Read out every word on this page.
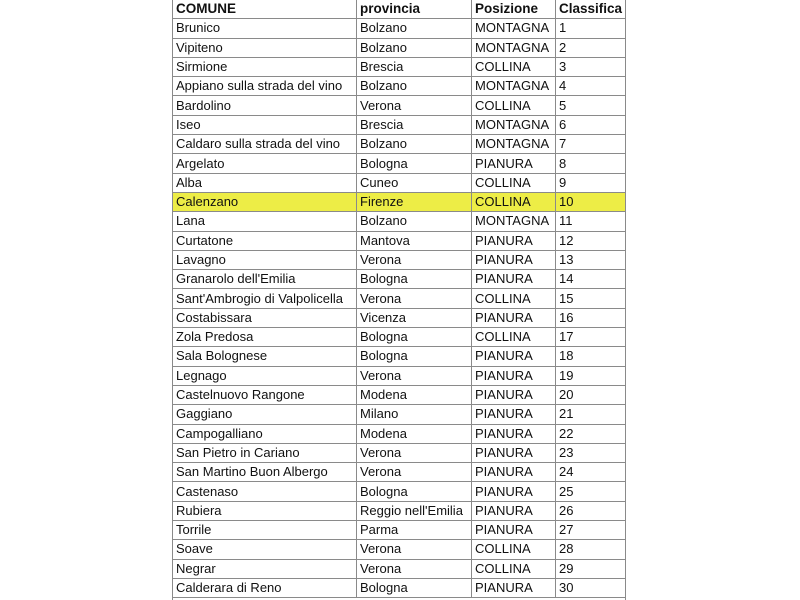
COMUNE	provincia	Posizione	Classifica
Brunico	Bolzano	MONTAGNA	1
Vipiteno	Bolzano	MONTAGNA	2
Sirmione	Brescia	COLLINA	3
Appiano sulla strada del vino	Bolzano	MONTAGNA	4
Bardolino	Verona	COLLINA	5
Iseo	Brescia	MONTAGNA	6
Caldaro sulla strada del vino	Bolzano	MONTAGNA	7
Argelato	Bologna	PIANURA	8
Alba	Cuneo	COLLINA	9
Calenzano	Firenze	COLLINA	10
Lana	Bolzano	MONTAGNA	11
Curtatone	Mantova	PIANURA	12
Lavagno	Verona	PIANURA	13
Granarolo dell'Emilia	Bologna	PIANURA	14
Sant'Ambrogio di Valpolicella	Verona	COLLINA	15
Costabissara	Vicenza	PIANURA	16
Zola Predosa	Bologna	COLLINA	17
Sala Bolognese	Bologna	PIANURA	18
Legnago	Verona	PIANURA	19
Castelnuovo Rangone	Modena	PIANURA	20
Gaggiano	Milano	PIANURA	21
Campogalliano	Modena	PIANURA	22
San Pietro in Cariano	Verona	PIANURA	23
San Martino Buon Albergo	Verona	PIANURA	24
Castenaso	Bologna	PIANURA	25
Rubiera	Reggio nell'Emilia	PIANURA	26
Torrile	Parma	PIANURA	27
Soave	Verona	COLLINA	28
Negrar	Verona	COLLINA	29
Calderara di Reno	Bologna	PIANURA	30
